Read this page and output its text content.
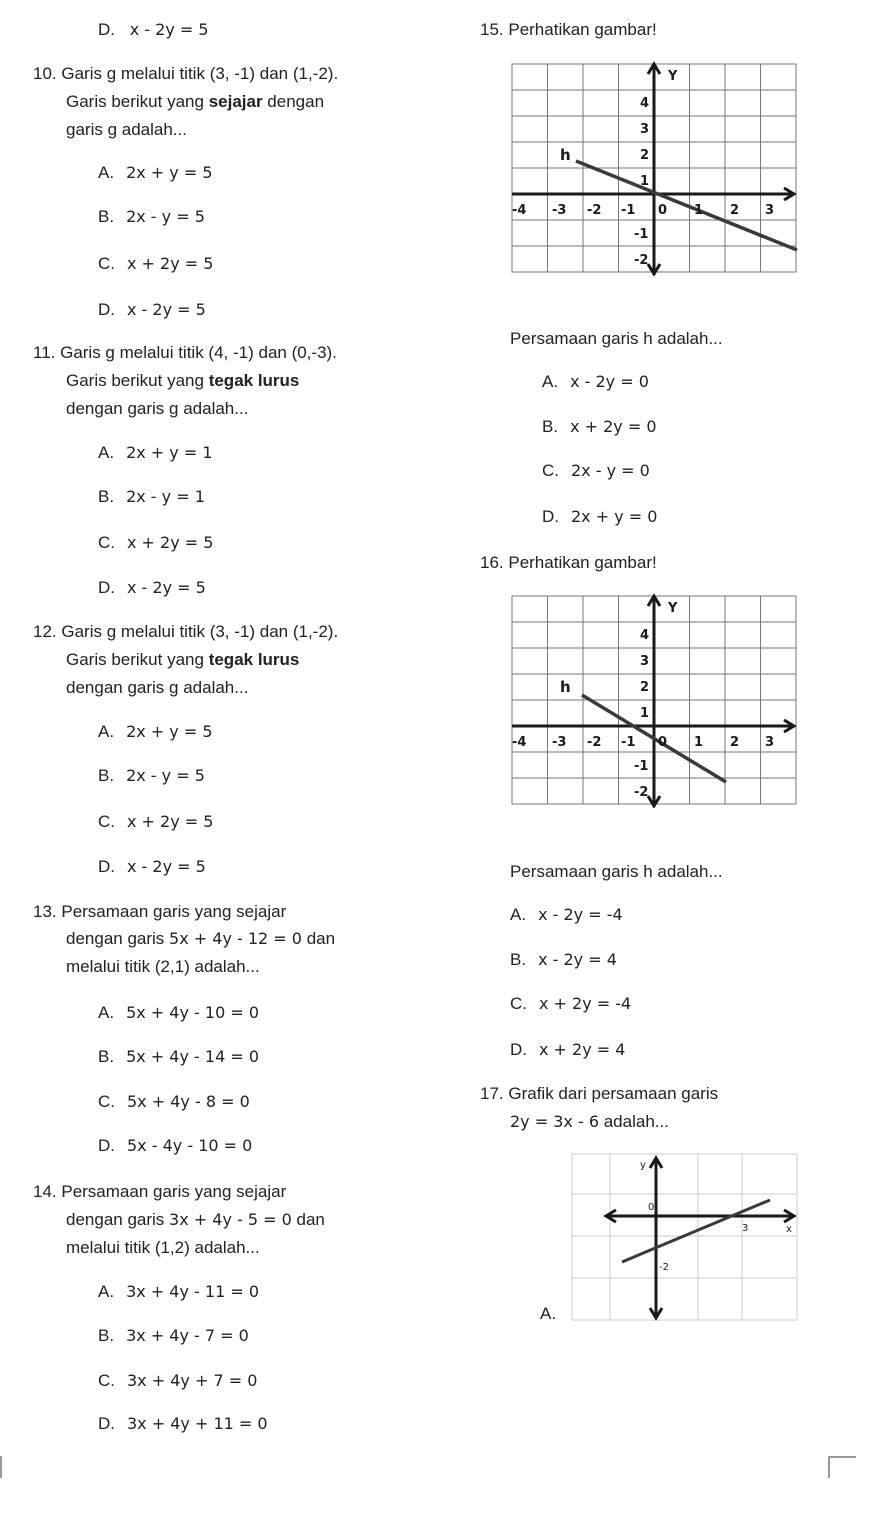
D. x - 2y = 5	15. Perhatikan gambar!
10. Garis g melalui titik (3, -1) dan (1,-2).
Garis berikut yang sejajar dengan
garis g adalah...
A. 2x + y = 5
B. 2x - y = 5
C. x + 2y = 5
D. x - 2y = 5
11. Garis g melalui titik (4, -1) dan (0,-3).
Garis berikut yang tegak lurus
dengan garis g adalah...
A. 2x + y = 1
B. 2x - y = 1
C. x + 2y = 5
D. x - 2y = 5
12. Garis g melalui titik (3, -1) dan (1,-2).
Garis berikut yang tegak lurus
dengan garis g adalah...
A. 2x + y = 5
B. 2x - y = 5
C. x + 2y = 5
D. x - 2y = 5
13. Persamaan garis yang sejajar
dengan garis 5x + 4y - 12 = 0 dan
melalui titik (2,1) adalah...
A. 5x + 4y - 10 = 0
B. 5x + 4y - 14 = 0
C. 5x + 4y - 8 = 0
D. 5x - 4y - 10 = 0
14. Persamaan garis yang sejajar
dengan garis 3x + 4y - 5 = 0 dan
melalui titik (1,2) adalah...
A. 3x + 4y - 11 = 0
B. 3x + 4y - 7 = 0
C. 3x + 4y + 7 = 0
D. 3x + 4y + 11 = 0
Y
h
-4 -3 -2 -1 0 1 2 3
4
3
2
1
-1
-2
Persamaan garis h adalah...
A. x - 2y = 0
B. x + 2y = 0
C. 2x - y = 0
D. 2x + y = 0
16. Perhatikan gambar!
Y
h
-4 -3 -2 -1 0 1 2 3
4
3
2
1
-1
-2
Persamaan garis h adalah...
A. x - 2y = -4
B. x - 2y = 4
C. x + 2y = -4
D. x + 2y = 4
17. Grafik dari persamaan garis
2y = 3x - 6 adalah...
y
x
0
3
-2
A.
